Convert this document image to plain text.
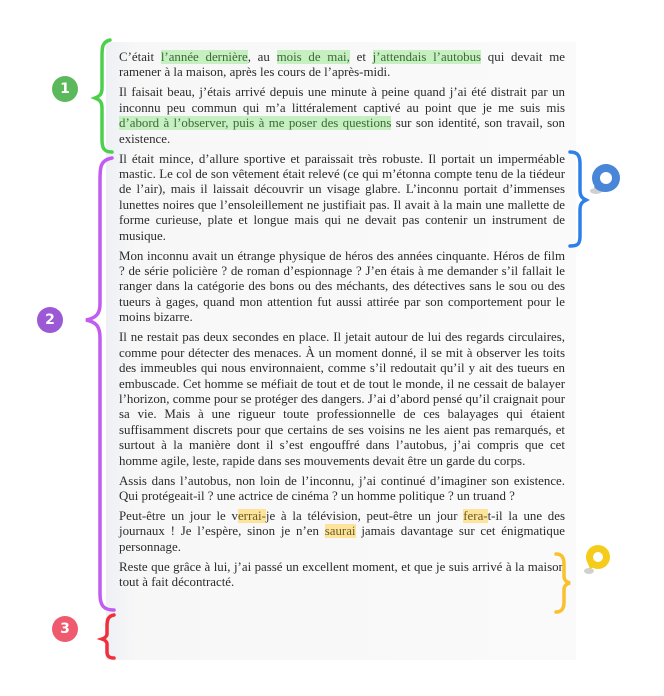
C’était l’année dernière, au mois de mai, et j’attendais l’autobus qui devait me ramener à la maison, après les cours de l’après-midi.

Il faisait beau, j’étais arrivé depuis une minute à peine quand j’ai été distrait par un inconnu peu commun qui m’a littéralement captivé au point que je me suis mis d’abord à l’observer, puis à me poser des questions sur son identité, son travail, son existence.

Il était mince, d’allure sportive et paraissait très robuste. Il portait un imperméable mastic. Le col de son vêtement était relevé (ce qui m’étonna compte tenu de la tiédeur de l’air), mais il laissait découvrir un visage glabre. L’inconnu portait d’immenses lunettes noires que l’ensoleillement ne justifiait pas. Il avait à la main une mallette de forme curieuse, plate et longue mais qui ne devait pas contenir un instrument de musique.

Mon inconnu avait un étrange physique de héros des années cinquante. Héros de film ? de série policière ? de roman d’espionnage ? J’en étais à me demander s’il fallait le ranger dans la catégorie des bons ou des méchants, des détectives sans le sou ou des tueurs à gages, quand mon attention fut aussi attirée par son comportement pour le moins bizarre.

Il ne restait pas deux secondes en place. Il jetait autour de lui des regards circulaires, comme pour détecter des menaces. À un moment donné, il se mit à observer les toits des immeubles qui nous environnaient, comme s’il redoutait qu’il y ait des tueurs en embuscade. Cet homme se méfiait de tout et de tout le monde, il ne cessait de balayer l’horizon, comme pour se protéger des dangers. J’ai d’abord pensé qu’il craignait pour sa vie. Mais à une rigueur toute professionnelle de ces balayages qui étaient suffisamment discrets pour que certains de ses voisins ne les aient pas remarqués, et surtout à la manière dont il s’est engouffré dans l’autobus, j’ai compris que cet homme agile, leste, rapide dans ses mouvements devait être un garde du corps.

Assis dans l’autobus, non loin de l’inconnu, j’ai continué d’imaginer son existence. Qui protégeait-il ? une actrice de cinéma ? un homme politique ? un truand ?

Peut-être un jour le verrai-je à la télévision, peut-être un jour fera-t-il la une des journaux ! Je l’espère, sinon je n’en saurai jamais davantage sur cet énigmatique personnage.

Reste que grâce à lui, j’ai passé un excellent moment, et que je suis arrivé à la maison tout à fait décontracté.

1
2
3
